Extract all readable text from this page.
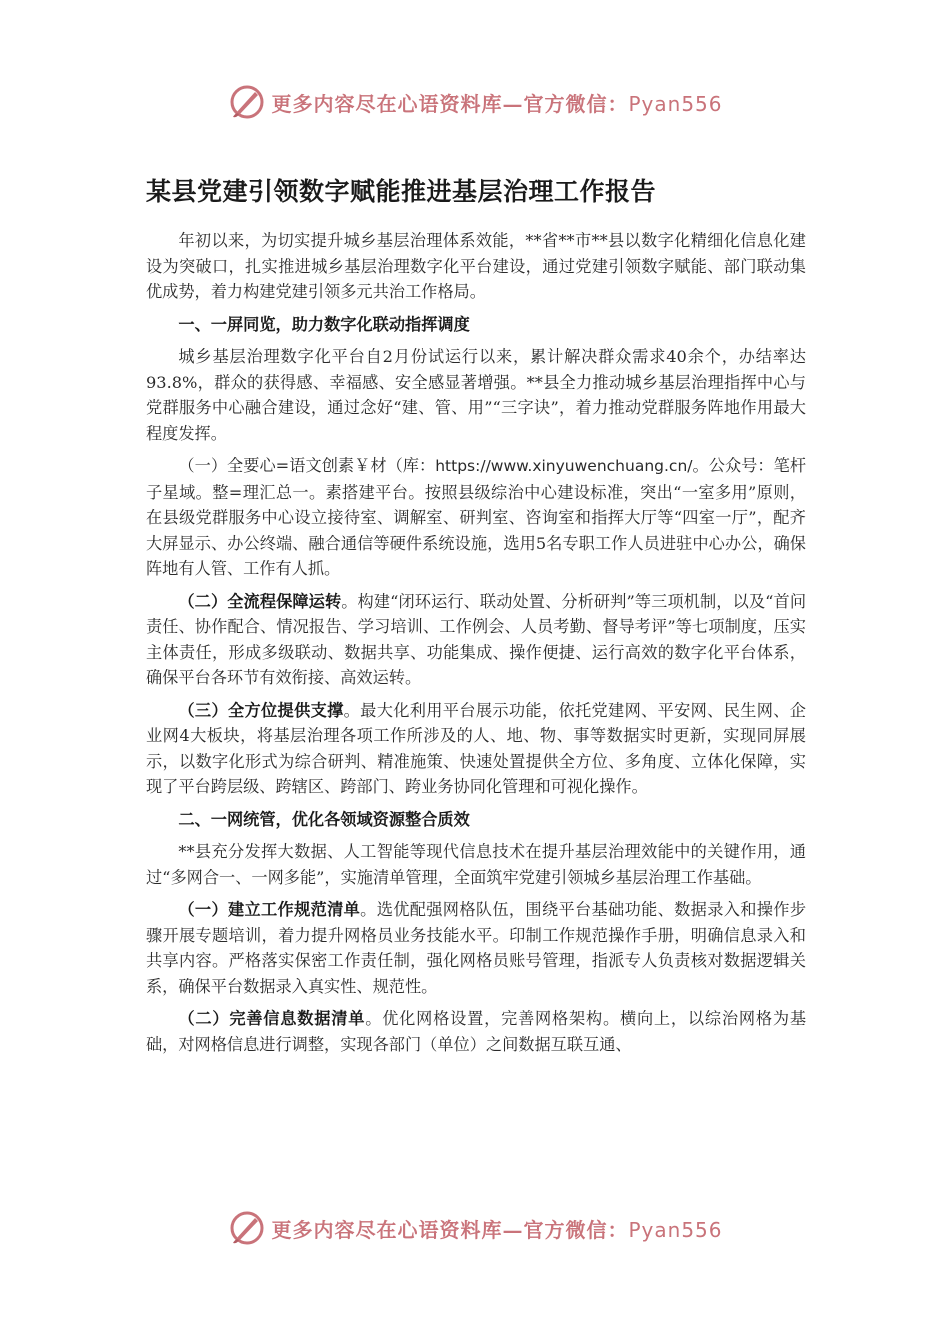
更多内容尽在心语资料库—官方微信：Pyan556
某县党建引领数字赋能推进基层治理工作报告

年初以来，为切实提升城乡基层治理体系效能，**省**市**县以数字化精细化信息化建设为突破口，扎实推进城乡基层治理数字化平台建设，通过党建引领数字赋能、部门联动集优成势，着力构建党建引领多元共治工作格局。

一、一屏同览，助力数字化联动指挥调度

城乡基层治理数字化平台自2月份试运行以来，累计解决群众需求40余个，办结率达93.8%，群众的获得感、幸福感、安全感显著增强。**县全力推动城乡基层治理指挥中心与党群服务中心融合建设，通过念好“建、管、用”“三字诀”，着力推动党群服务阵地作用最大程度发挥。

（一）全要心=语文创素￥材（库：https://www.xinyuwenchuang.cn/。公众号：笔杆子星域。整=理汇总一。素搭建平台。按照县级综治中心建设标准，突出“一室多用”原则，在县级党群服务中心设立接待室、调解室、研判室、咨询室和指挥大厅等“四室一厅”，配齐大屏显示、办公终端、融合通信等硬件系统设施，选用5名专职工作人员进驻中心办公，确保阵地有人管、工作有人抓。

（二）全流程保障运转。构建“闭环运行、联动处置、分析研判”等三项机制，以及“首问责任、协作配合、情况报告、学习培训、工作例会、人员考勤、督导考评”等七项制度，压实主体责任，形成多级联动、数据共享、功能集成、操作便捷、运行高效的数字化平台体系，确保平台各环节有效衔接、高效运转。

（三）全方位提供支撑。最大化利用平台展示功能，依托党建网、平安网、民生网、企业网4大板块，将基层治理各项工作所涉及的人、地、物、事等数据实时更新，实现同屏展示，以数字化形式为综合研判、精准施策、快速处置提供全方位、多角度、立体化保障，实现了平台跨层级、跨辖区、跨部门、跨业务协同化管理和可视化操作。

二、一网统管，优化各领域资源整合质效

**县充分发挥大数据、人工智能等现代信息技术在提升基层治理效能中的关键作用，通过“多网合一、一网多能”，实施清单管理，全面筑牢党建引领城乡基层治理工作基础。

（一）建立工作规范清单。选优配强网格队伍，围绕平台基础功能、数据录入和操作步骤开展专题培训，着力提升网格员业务技能水平。印制工作规范操作手册，明确信息录入和共享内容。严格落实保密工作责任制，强化网格员账号管理，指派专人负责核对数据逻辑关系，确保平台数据录入真实性、规范性。

（二）完善信息数据清单。优化网格设置，完善网格架构。横向上，以综治网格为基础，对网格信息进行调整，实现各部门（单位）之间数据互联互通、

更多内容尽在心语资料库—官方微信：Pyan556
